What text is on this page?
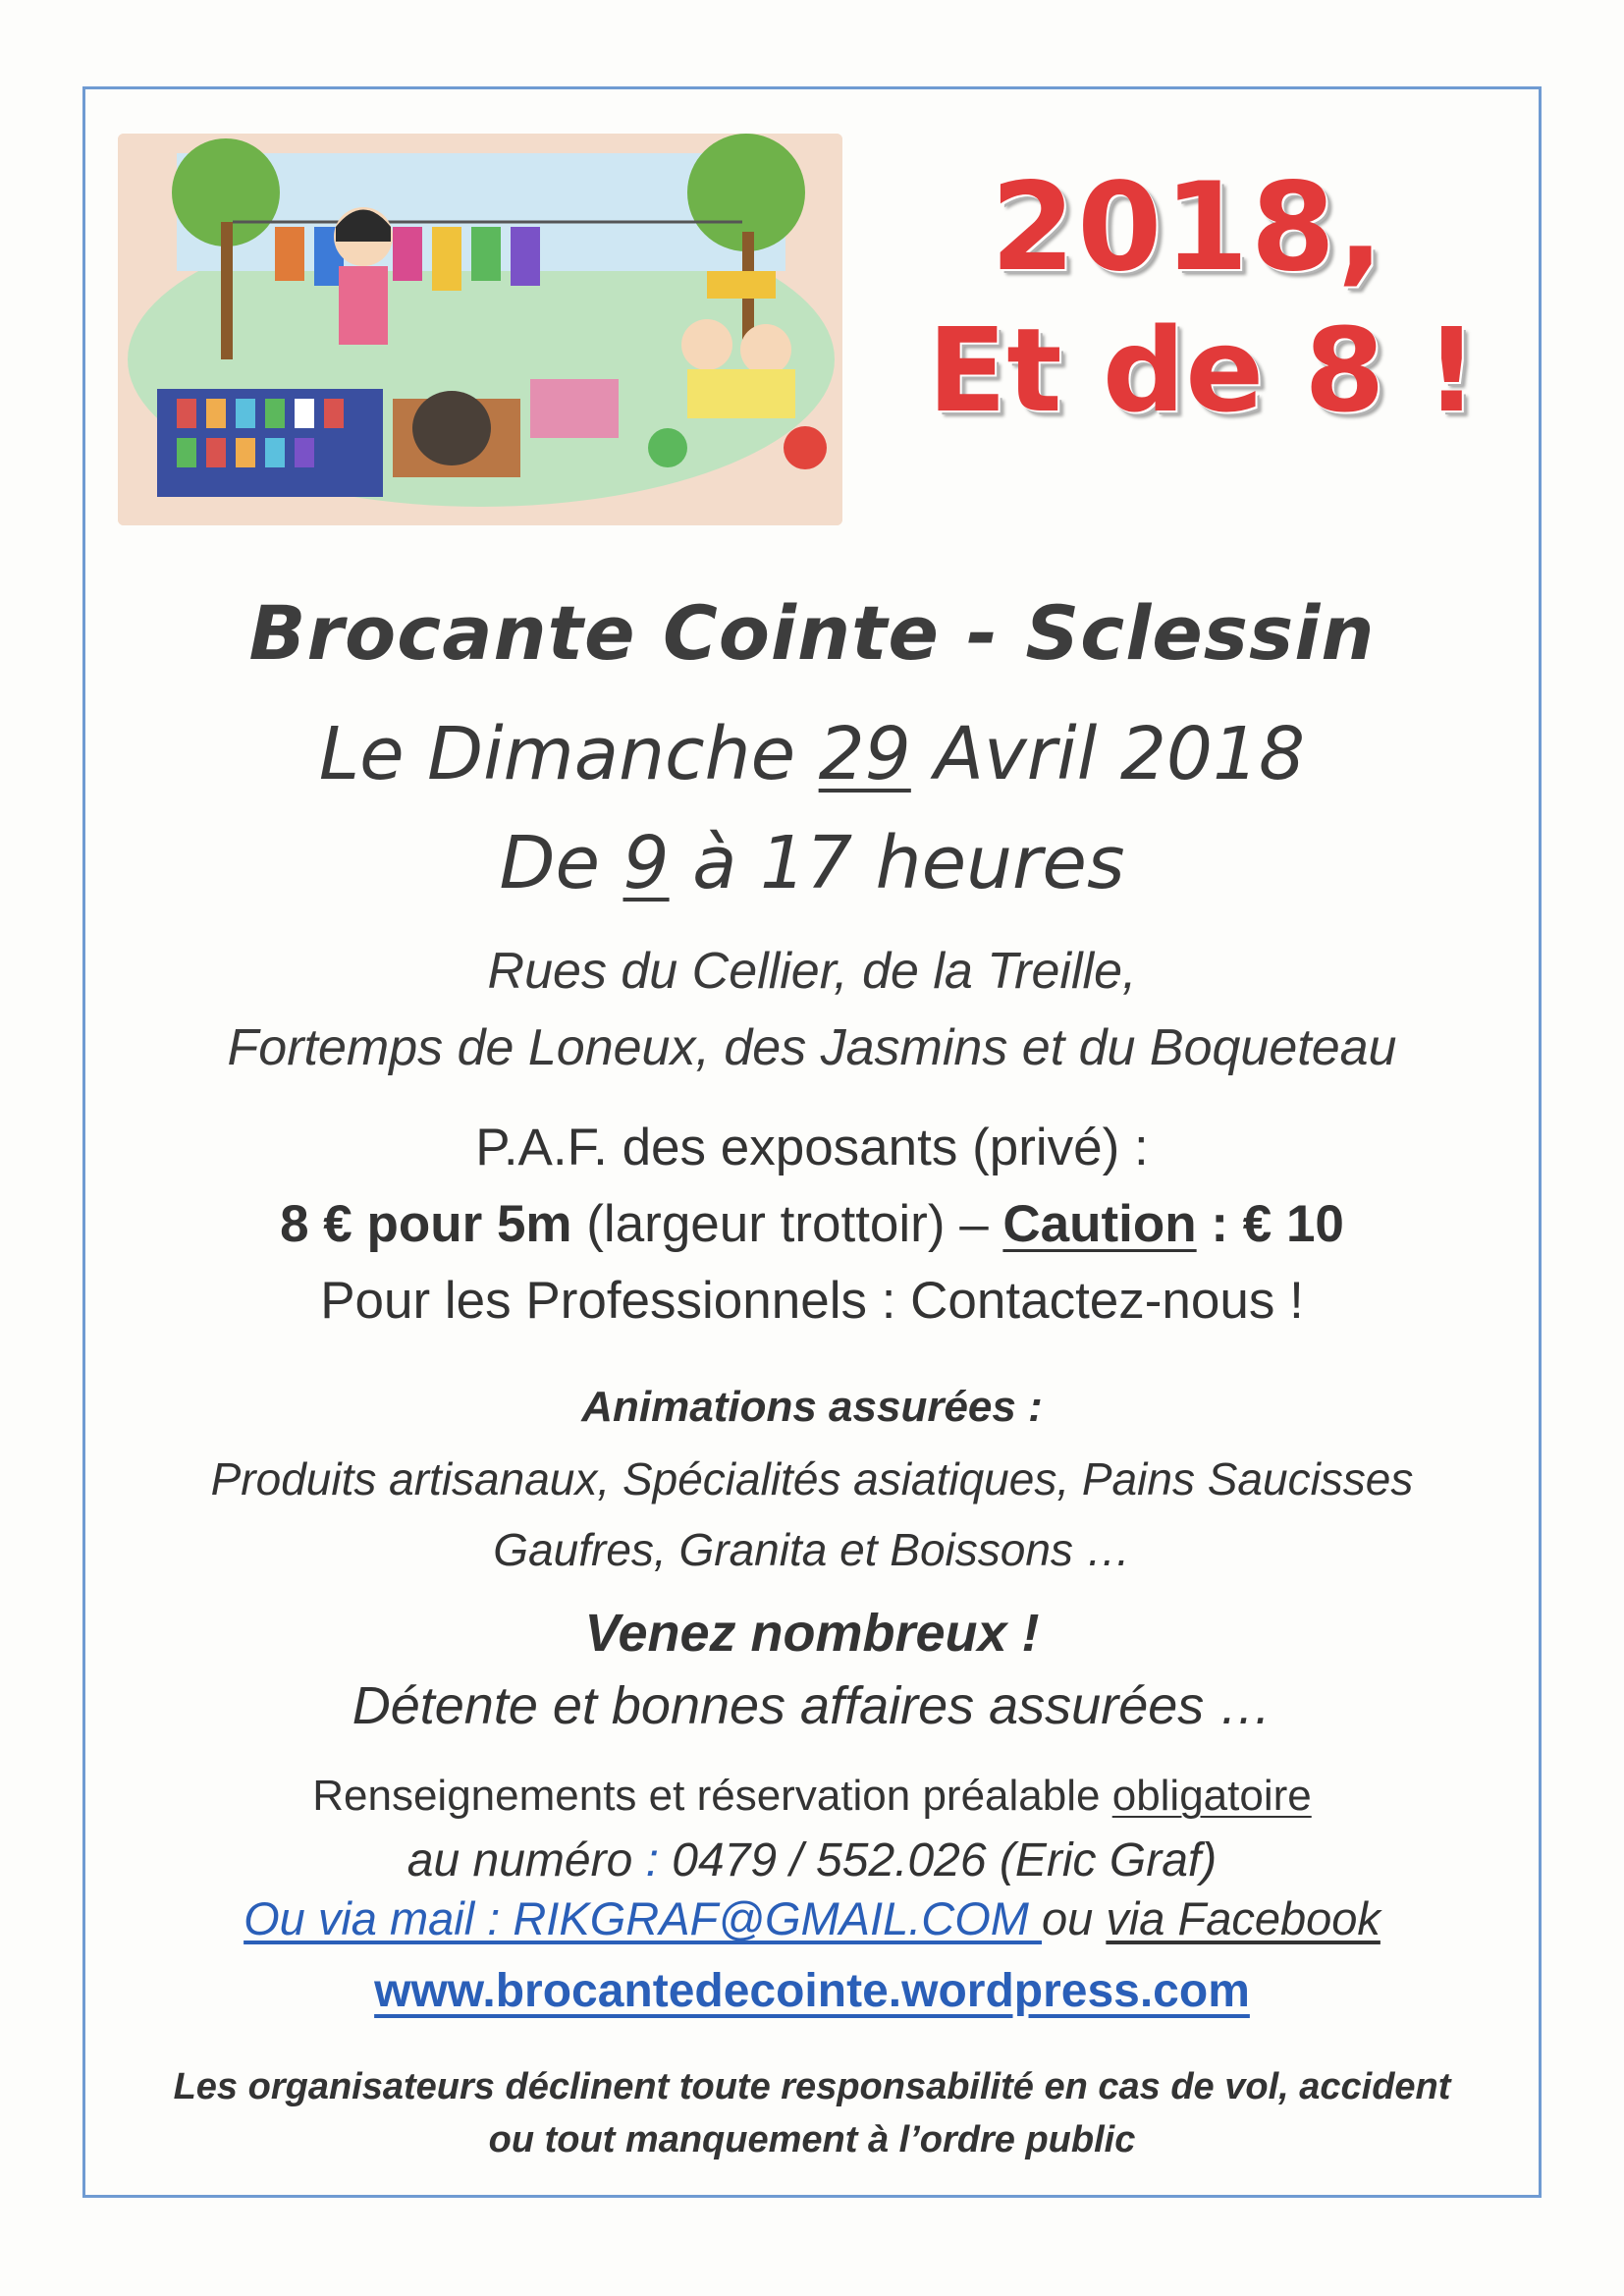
2018,
Et de 8 !
Brocante Cointe - Sclessin
Le Dimanche 29 Avril 2018
De 9 à 17 heures
Rues du Cellier, de la Treille,
Fortemps de Loneux, des Jasmins et du Boqueteau
P.A.F. des exposants (privé) :
8 € pour 5m (largeur trottoir) – Caution : € 10
Pour les Professionnels : Contactez-nous !
Animations assurées :
Produits artisanaux, Spécialités asiatiques, Pains Saucisses
Gaufres, Granita et Boissons …
Venez nombreux !
Détente et bonnes affaires assurées …
Renseignements et réservation préalable obligatoire
au numéro : 0479 / 552.026 (Eric Graf)
Ou via mail : RIKGRAF@GMAIL.COM ou via Facebook
www.brocantedecointe.wordpress.com
Les organisateurs déclinent toute responsabilité en cas de vol, accident
ou tout manquement à l’ordre public
